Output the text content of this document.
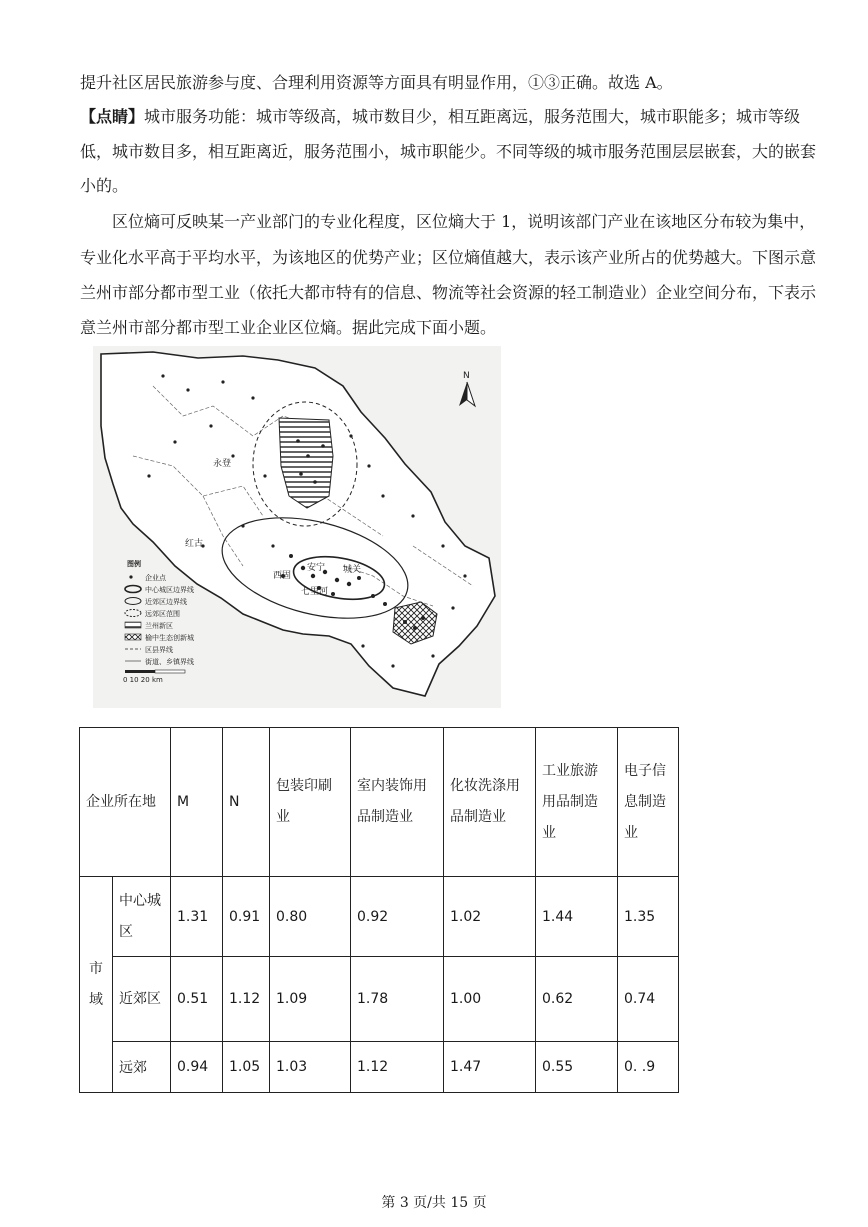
提升社区居民旅游参与度、合理利用资源等方面具有明显作用，①③正确。故选 A。
【点睛】城市服务功能：城市等级高，城市数目少，相互距离远，服务范围大，城市职能多；城市等级
低，城市数目多，相互距离近，服务范围小，城市职能少。不同等级的城市服务范围层层嵌套，大的嵌套
小的。
区位熵可反映某一产业部门的专业化程度，区位熵大于 1，说明该部门产业在该地区分布较为集中，
专业化水平高于平均水平，为该地区的优势产业；区位熵值越大，表示该产业所占的优势越大。下图示意
兰州市部分都市型工业（依托大都市特有的信息、物流等社会资源的轻工制造业）企业空间分布，下表示
意兰州市部分都市型工业企业区位熵。据此完成下面小题。
永登
红古
西固
安宁 城关
七里河
N
图例
企业点
中心城区边界线
近郊区边界线
远郊区范围
兰州新区
榆中生态创新城
区县界线
街道、乡镇界线
0 10 20 km
企业所在地		M	N	包装印刷业	室内装饰用品制造业	化妆洗涤用品制造业	工业旅游用品制造业	电子信息制造业
市域	中心城区	1.31	0.91	0.80	0.92	1.02	1.44	1.35
	近郊区	0.51	1.12	1.09	1.78	1.00	0.62	0.74
	远郊	0.94	1.05	1.03	1.12	1.47	0.55	0. .9
第 3 页/共 15 页
